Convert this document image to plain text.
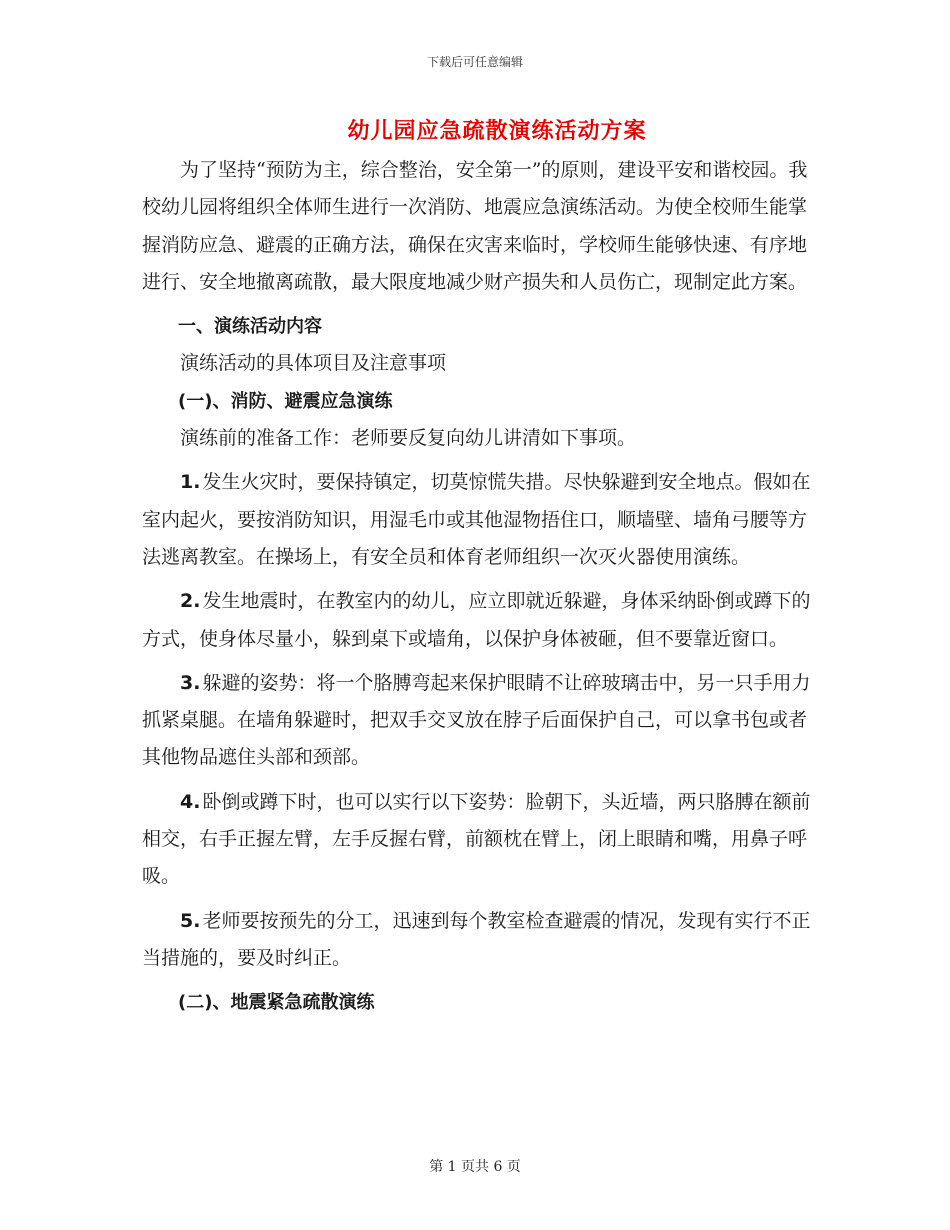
下载后可任意编辑
幼儿园应急疏散演练活动方案

为了坚持“预防为主，综合整治，安全第一”的原则，建设平安和谐校园。我校幼儿园将组织全体师生进行一次消防、地震应急演练活动。为使全校师生能掌握消防应急、避震的正确方法，确保在灾害来临时，学校师生能够快速、有序地进行、安全地撤离疏散，最大限度地减少财产损失和人员伤亡，现制定此方案。

一、演练活动内容

演练活动的具体项目及注意事项

(一)、消防、避震应急演练

演练前的准备工作：老师要反复向幼儿讲清如下事项。

1. 发生火灾时，要保持镇定，切莫惊慌失措。尽快躲避到安全地点。假如在室内起火，要按消防知识，用湿毛巾或其他湿物捂住口，顺墙壁、墙角弓腰等方法逃离教室。在操场上，有安全员和体育老师组织一次灭火器使用演练。

2. 发生地震时，在教室内的幼儿，应立即就近躲避，身体采纳卧倒或蹲下的方式，使身体尽量小，躲到桌下或墙角，以保护身体被砸，但不要靠近窗口。

3. 躲避的姿势：将一个胳膊弯起来保护眼睛不让碎玻璃击中，另一只手用力抓紧桌腿。在墙角躲避时，把双手交叉放在脖子后面保护自己，可以拿书包或者其他物品遮住头部和颈部。

4. 卧倒或蹲下时，也可以实行以下姿势：脸朝下，头近墙，两只胳膊在额前相交，右手正握左臂，左手反握右臂，前额枕在臂上，闭上眼睛和嘴，用鼻子呼吸。

5. 老师要按预先的分工，迅速到每个教室检查避震的情况，发现有实行不正当措施的，要及时纠正。

(二)、地震紧急疏散演练

第 1 页共 6 页
